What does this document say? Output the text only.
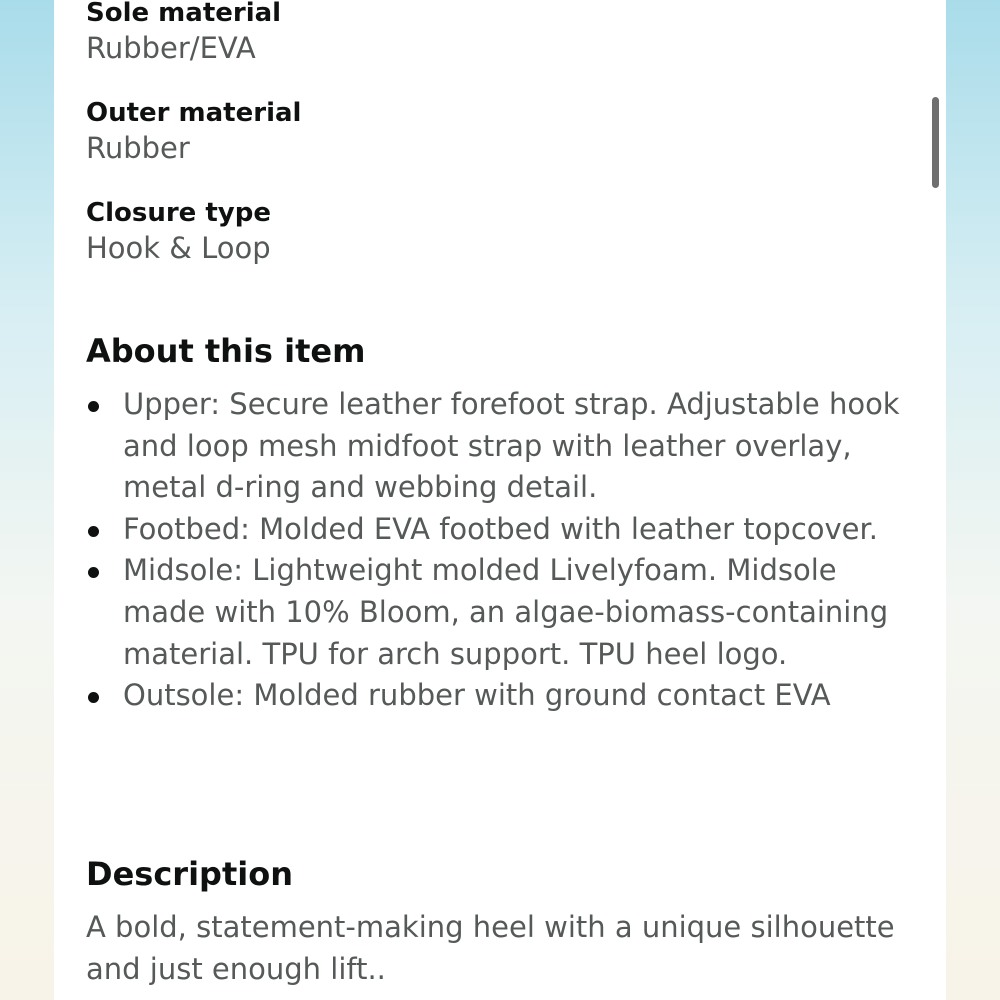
Sole material
Rubber/EVA
Outer material
Rubber
Closure type
Hook & Loop
About this item
Upper: Secure leather forefoot strap. Adjustable hook and loop mesh midfoot strap with leather overlay, metal d-ring and webbing detail.
Footbed: Molded EVA footbed with leather topcover.
Midsole: Lightweight molded Livelyfoam. Midsole made with 10% Bloom, an algae-biomass-containing material. TPU for arch support. TPU heel logo.
Outsole: Molded rubber with ground contact EVA
Description
A bold, statement-making heel with a unique silhouette and just enough lift..
